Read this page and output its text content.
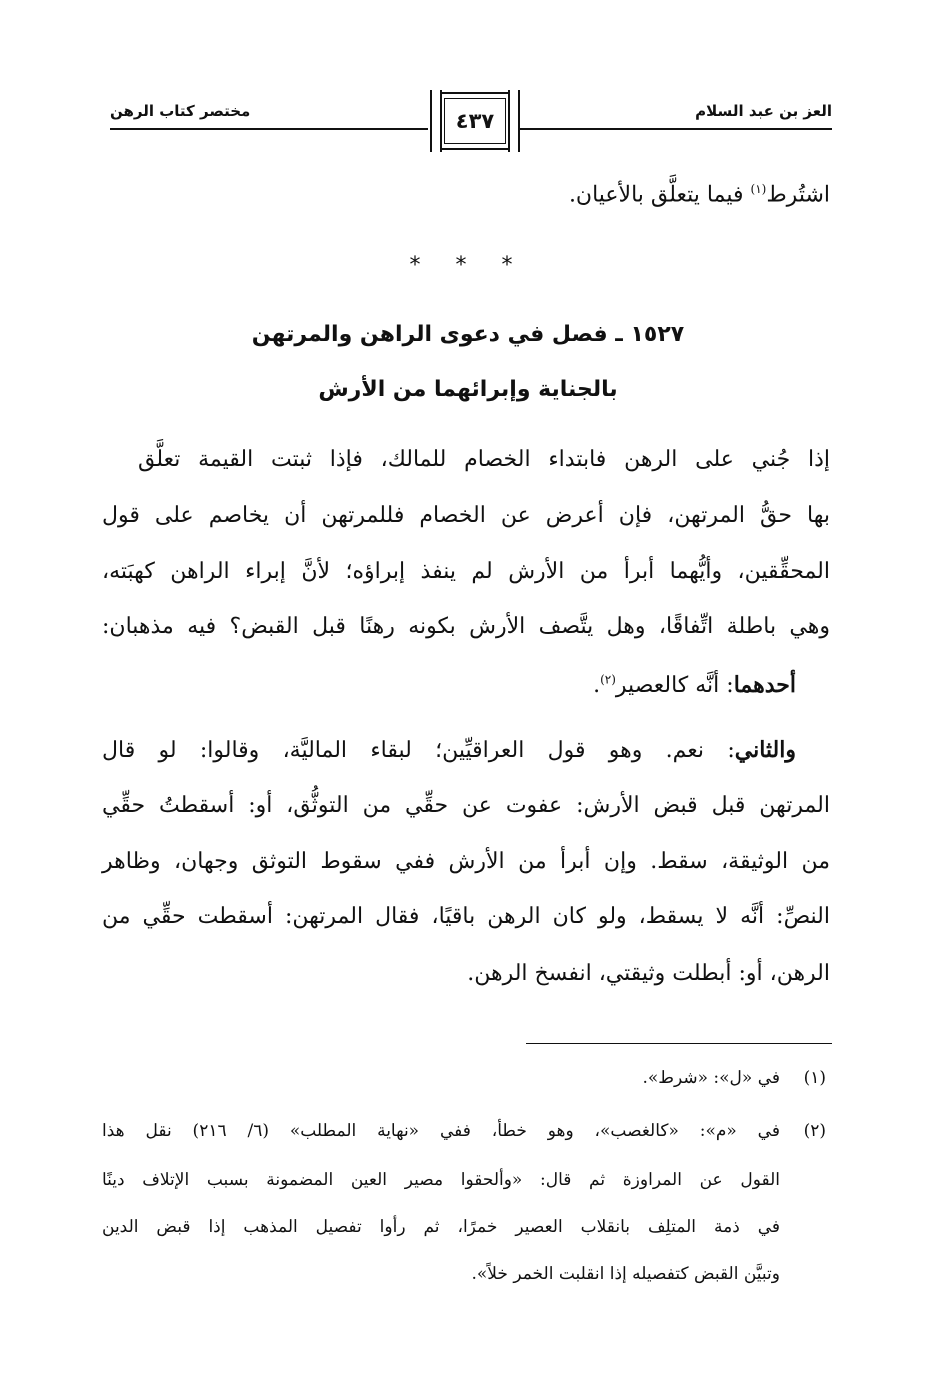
العز بن عبد السلام
٤٣٧
مختصر كتاب الرهن
اشتُرط$^{(١)}$ فيما يتعلَّق بالأعيان.
* * *
١٥٢٧ ـ فصل في دعوى الراهن والمرتهن
بالجناية وإبرائهما من الأرش
إذا جُني على الرهن فابتداء الخصام للمالك، فإذا ثبتت القيمة تعلَّق
بها حقُّ المرتهن، فإن أعرض عن الخصام فللمرتهن أن يخاصم على قول
المحقِّقين، وأيُّهما أبرأ من الأرش لم ينفذ إبراؤه؛ لأنَّ إبراء الراهن كهبَته،
وهي باطلة اتِّفاقًا، وهل يتَّصف الأرش بكونه رهنًا قبل القبض؟ فيه مذهبان:
أحدهما: أنَّه كالعصير$^{(٢)}$.
والثاني: نعم. وهو قول العراقيِّين؛ لبقاء الماليَّة، وقالوا: لو قال
المرتهن قبل قبض الأرش: عفوت عن حقِّي من التوثُّق، أو: أسقطتُ حقِّي
من الوثيقة، سقط. وإن أبرأ من الأرش ففي سقوط التوثق وجهان، وظاهر
النصِّ: أنَّه لا يسقط، ولو كان الرهن باقيًا، فقال المرتهن: أسقطت حقِّي من
الرهن، أو: أبطلت وثيقتي، انفسخ الرهن.
(١)
في «ل»: «شرط».
(٢)
في «م»: «كالغصب»، وهو خطأ، ففي «نهاية المطلب» (٦/ ٢١٦) نقل هذا
القول عن المراوزة ثم قال: «وألحقوا مصير العين المضمونة بسبب الإتلاف دينًا
في ذمة المتلِف بانقلاب العصير خمرًا، ثم رأوا تفصيل المذهب إذا قبض الدين
وتبيَّن القبض كتفصيله إذا انقلبت الخمر خلاً».
